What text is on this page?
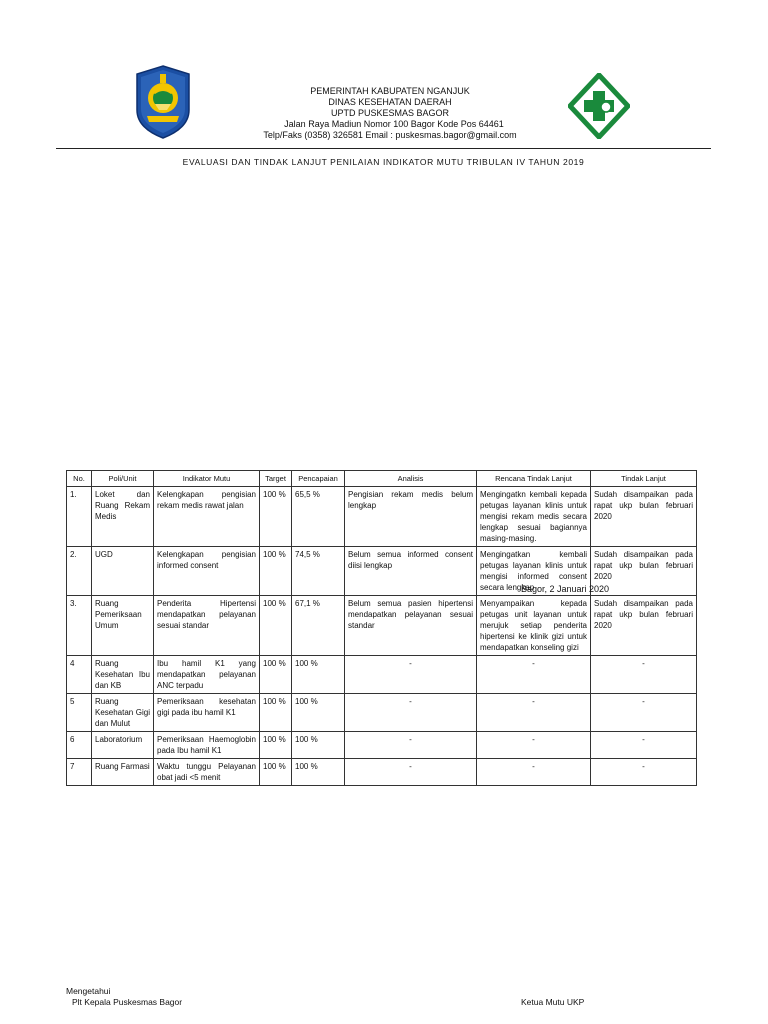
PEMERINTAH KABUPATEN NGANJUK
DINAS KESEHATAN DAERAH
UPTD PUSKESMAS BAGOR
Jalan Raya Madiun Nomor 100 Bagor Kode Pos 64461
Telp/Faks (0358) 326581 Email : puskesmas.bagor@gmail.com
EVALUASI DAN TINDAK LANJUT PENILAIAN INDIKATOR MUTU TRIBULAN IV TAHUN 2019
No.	Poli/Unit	Indikator Mutu	Target	Pencapaian	Analisis	Rencana Tindak Lanjut	Tindak Lanjut
1.	Loket dan Ruang Rekam Medis	Kelengkapan pengisian rekam medis rawat jalan	100 %	65,5 %	Pengisian rekam medis belum lengkap	Mengingatkn kembali kepada petugas layanan klinis untuk mengisi rekam medis secara lengkap sesuai bagiannya masing-masing.	Sudah disampaikan pada rapat ukp bulan februari 2020
2.	UGD	Kelengkapan pengisian informed consent	100 %	74,5 %	Belum semua informed consent diisi lengkap	Mengingatkan kembali petugas layanan klinis untuk mengisi informed consent secara lengkap	Sudah disampaikan pada rapat ukp bulan februari 2020
3.	Ruang Pemeriksaan Umum	Penderita Hipertensi mendapatkan pelayanan sesuai standar	100 %	67,1 %	Belum semua pasien hipertensi mendapatkan pelayanan sesuai standar	Menyampaikan kepada petugas unit layanan untuk merujuk setiap penderita hipertensi ke klinik gizi untuk mendapatkan konseling gizi	Sudah disampaikan pada rapat ukp bulan februari 2020
4	Ruang Kesehatan Ibu dan KB	Ibu hamil K1 yang mendapatkan pelayanan ANC terpadu	100 %	100 %	-	-	-
5	Ruang Kesehatan Gigi dan Mulut	Pemeriksaan kesehatan gigi pada ibu hamil K1	100 %	100 %	-	-	-
6	Laboratorium	Pemeriksaan Haemoglobin pada Ibu hamil K1	100 %	100 %	-	-	-
7	Ruang Farmasi	Waktu tunggu Pelayanan obat jadi <5 menit	100 %	100 %	-	-	-
Bagor, 2 Januari 2020
Mengetahui
Plt Kepala Puskesmas Bagor	Ketua Mutu UKP
